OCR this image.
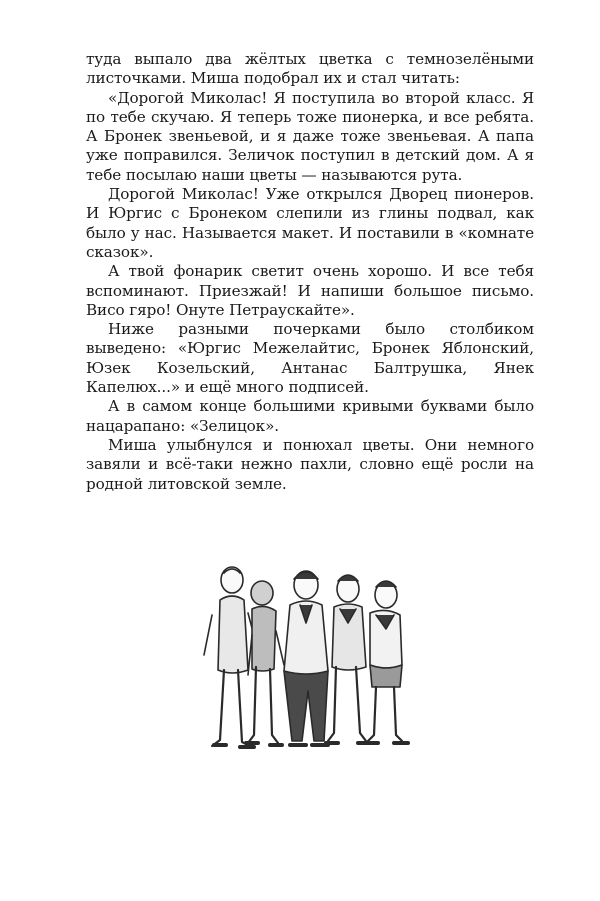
туда выпало два жёлтых цветка с темнозелёными листочками. Миша подобрал их и стал читать:

«Дорогой Миколас! Я поступила во второй класс. Я по тебе скучаю. Я теперь тоже пионерка, и все ребята. А Бронек звеньевой, и я даже тоже звеньевая. А папа уже поправился. Зеличок поступил в детский дом. А я тебе посылаю наши цветы — называются рута.

Дорогой Миколас! Уже открылся Дворец пионеров. И Юргис с Бронеком слепили из глины подвал, как было у нас. Называется макет. И поставили в «комнате сказок».

А твой фонарик светит очень хорошо. И все тебя вспоминают. Приезжай! И напиши большое письмо. Висо гяро! Онуте Петраускайте».

Ниже разными почерками было столбиком выведено: «Юргис Межелайтис, Бронек Яблонский, Юзек Козельский, Антанас Балтрушка, Янек Капелюх...» и ещё много подписей.

А в самом конце большими кривыми буквами было нацарапано: «Зелицок».

Миша улыбнулся и понюхал цветы. Они немного завяли и всё-таки нежно пахли, словно ещё росли на родной литовской земле.
